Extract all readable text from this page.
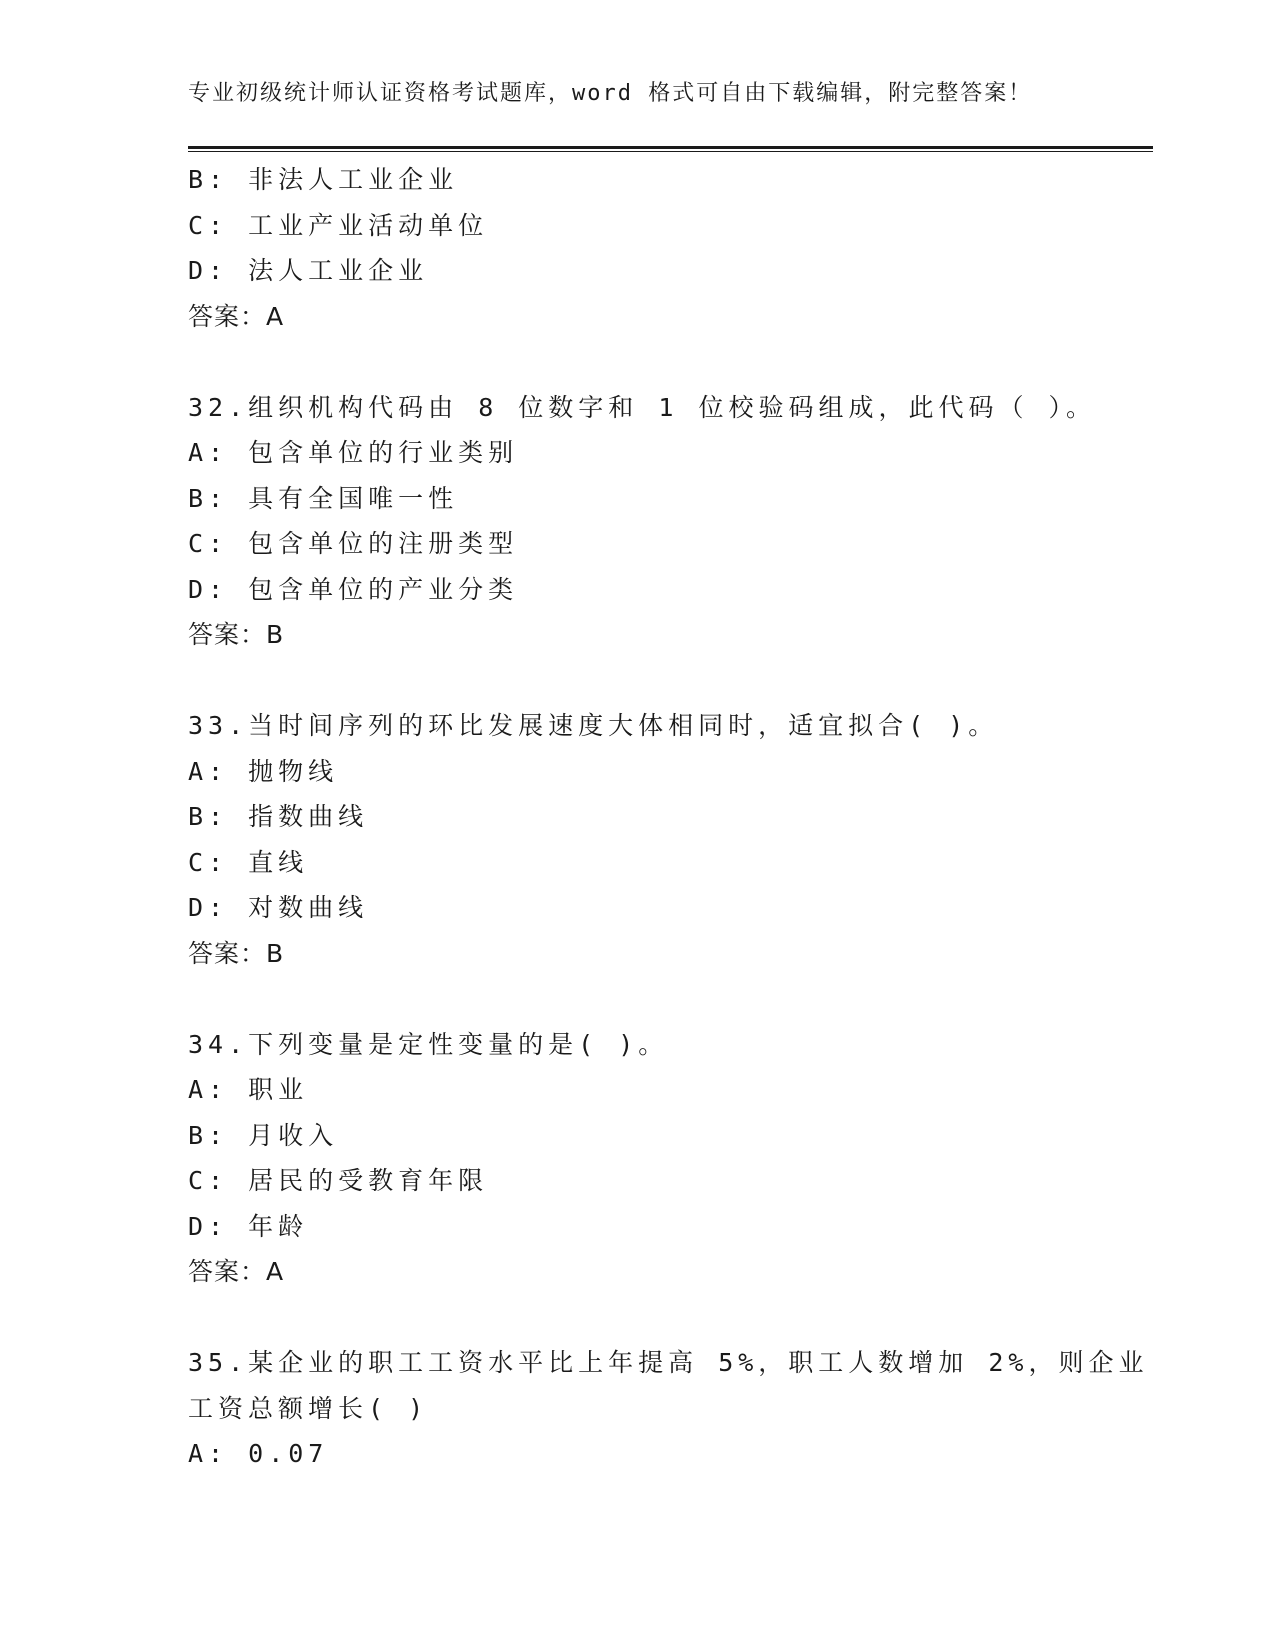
专业初级统计师认证资格考试题库，word 格式可自由下载编辑，附完整答案！
B: 非法人工业企业
C: 工业产业活动单位
D: 法人工业企业
答案：A
32.组织机构代码由 8 位数字和 1 位校验码组成，此代码（ ）。
A: 包含单位的行业类别
B: 具有全国唯一性
C: 包含单位的注册类型
D: 包含单位的产业分类
答案：B
33.当时间序列的环比发展速度大体相同时，适宜拟合( )。
A: 抛物线
B: 指数曲线
C: 直线
D: 对数曲线
答案：B
34.下列变量是定性变量的是( )。
A: 职业
B: 月收入
C: 居民的受教育年限
D: 年龄
答案：A
35.某企业的职工工资水平比上年提高 5%，职工人数增加 2%，则企业
工资总额增长( )
A: 0.07
